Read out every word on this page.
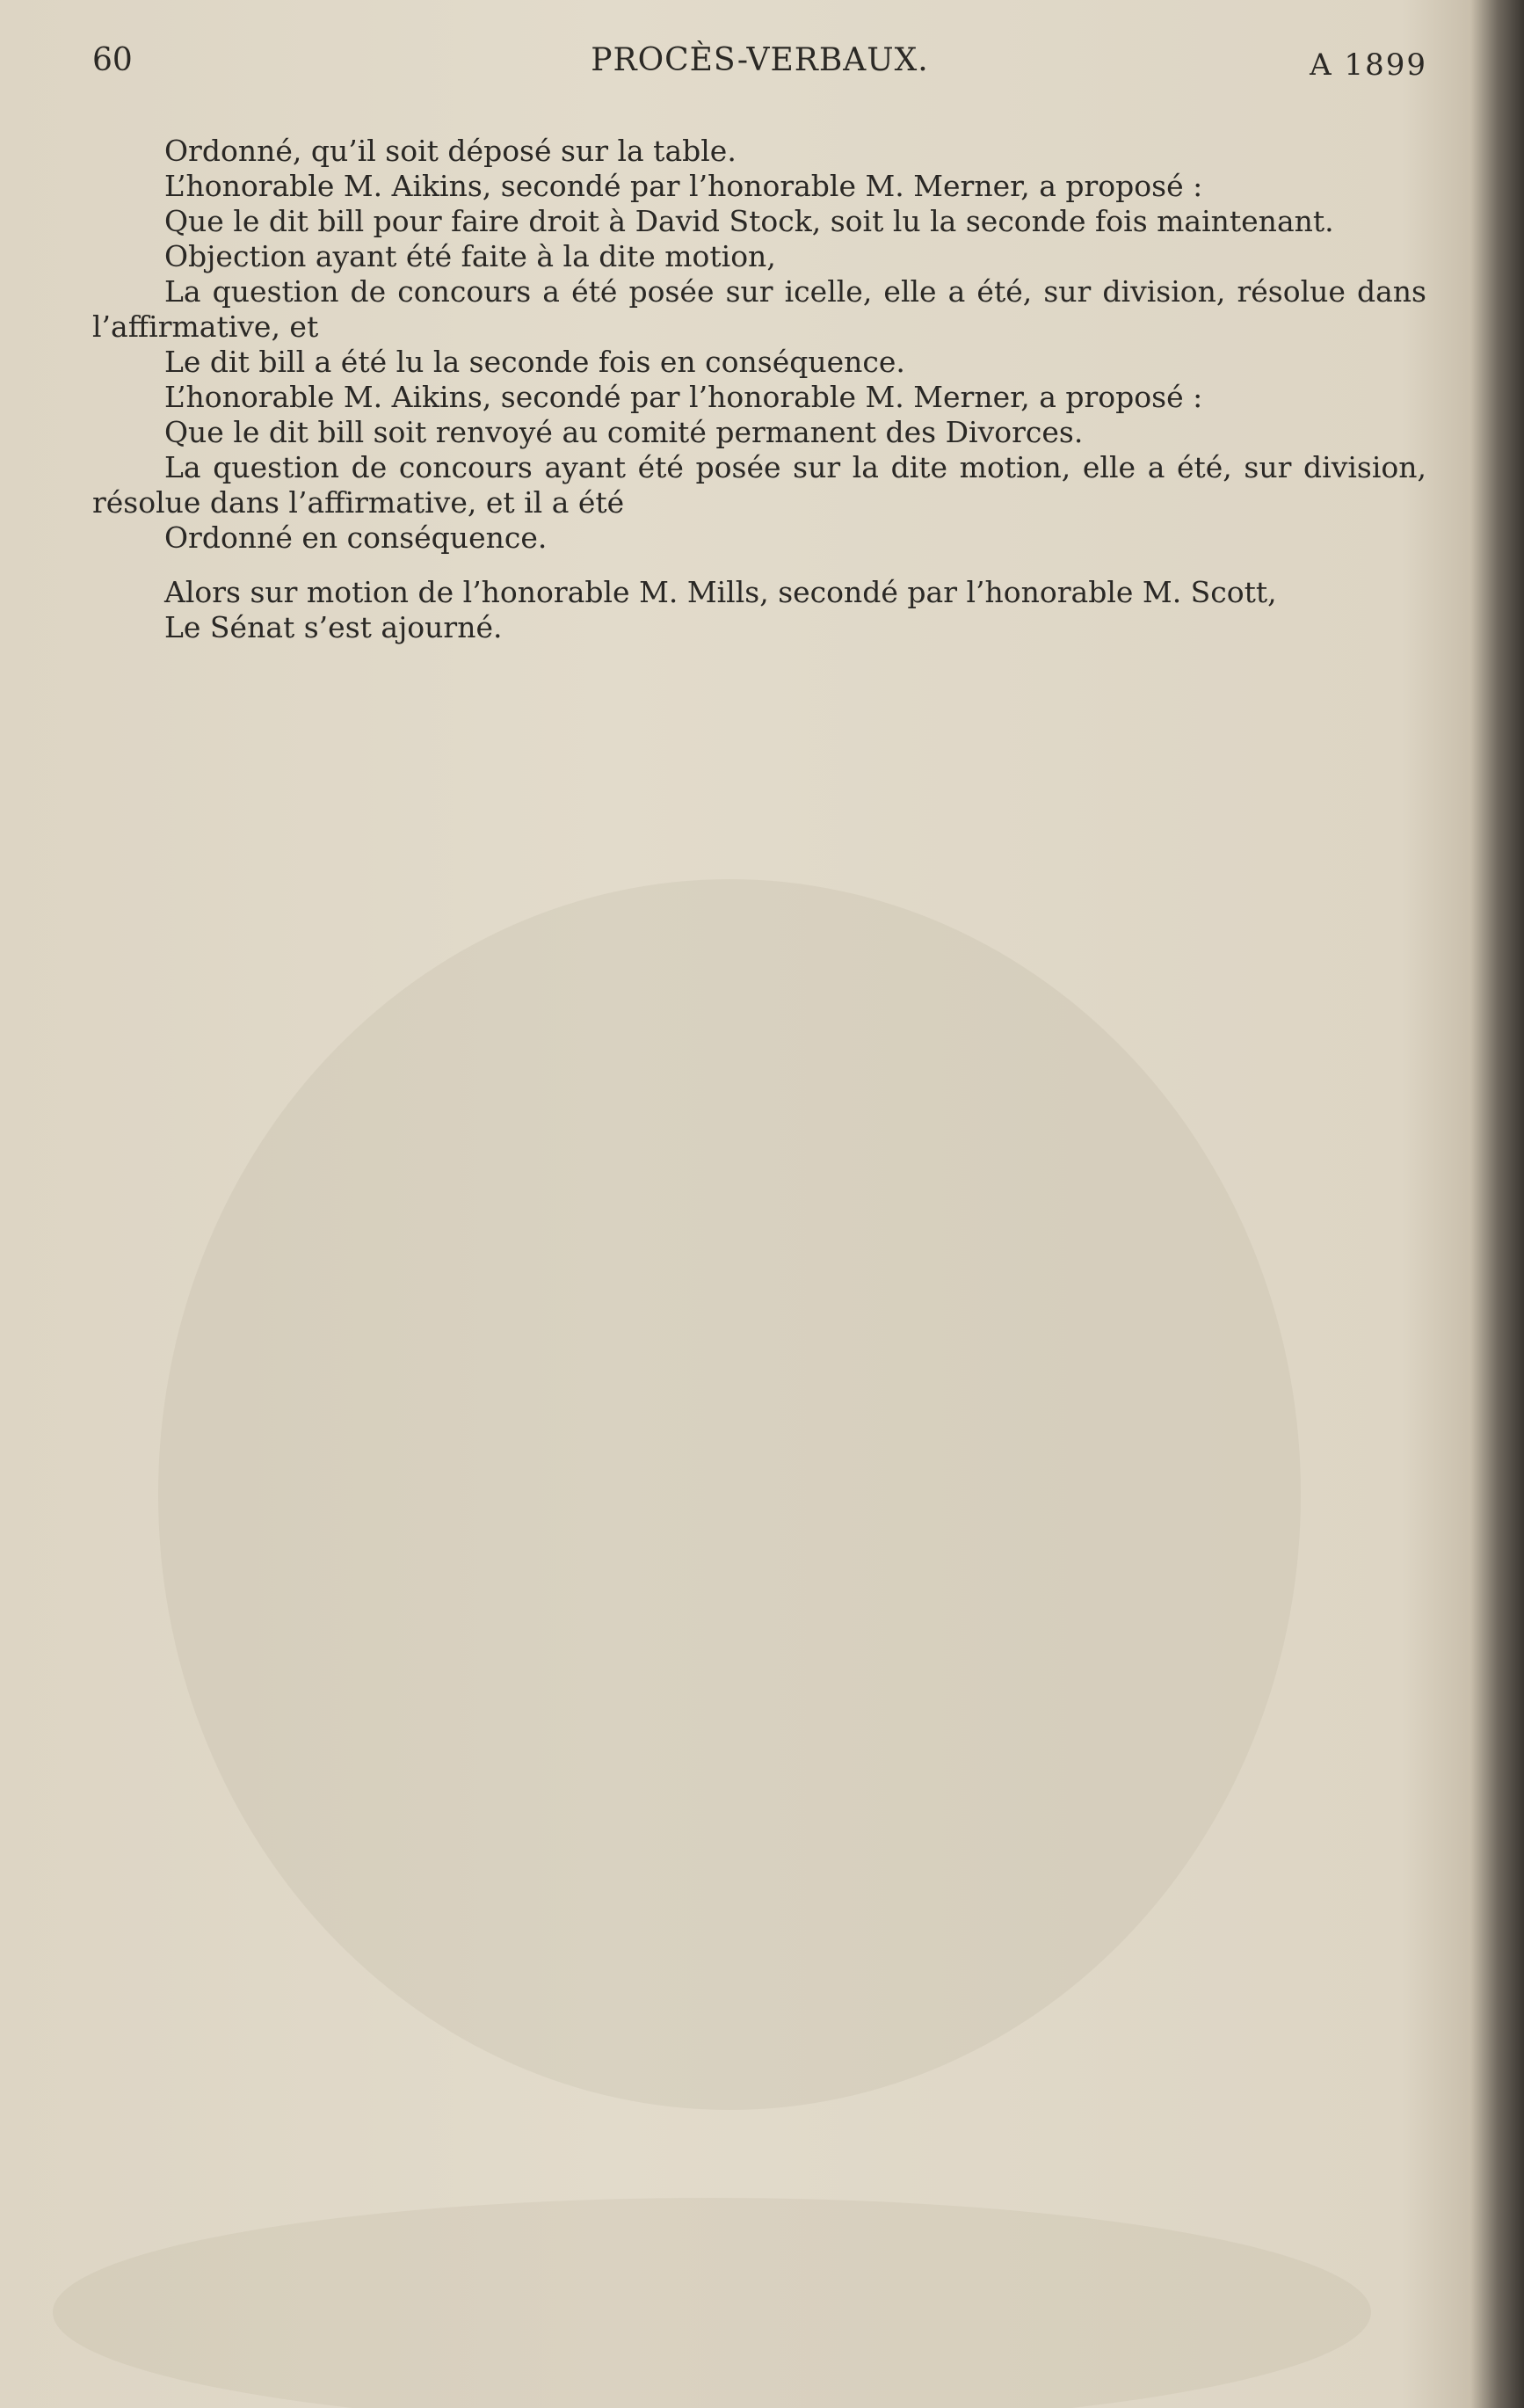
60	PROCÈS-VERBAUX.	A 1899

Ordonné, qu’il soit déposé sur la table.

L’honorable M. Aikins, secondé par l’honorable M. Merner, a proposé :

Que le dit bill pour faire droit à David Stock, soit lu la seconde fois maintenant.

Objection ayant été faite à la dite motion,

La question de concours a été posée sur icelle, elle a été, sur division, résolue dans l’affirmative, et

Le dit bill a été lu la seconde fois en conséquence.

L’honorable M. Aikins, secondé par l’honorable M. Merner, a proposé :

Que le dit bill soit renvoyé au comité permanent des Divorces.

La question de concours ayant été posée sur la dite motion, elle a été, sur division, résolue dans l’affirmative, et il a été

Ordonné en conséquence.

Alors sur motion de l’honorable M. Mills, secondé par l’honorable M. Scott,

Le Sénat s’est ajourné.
